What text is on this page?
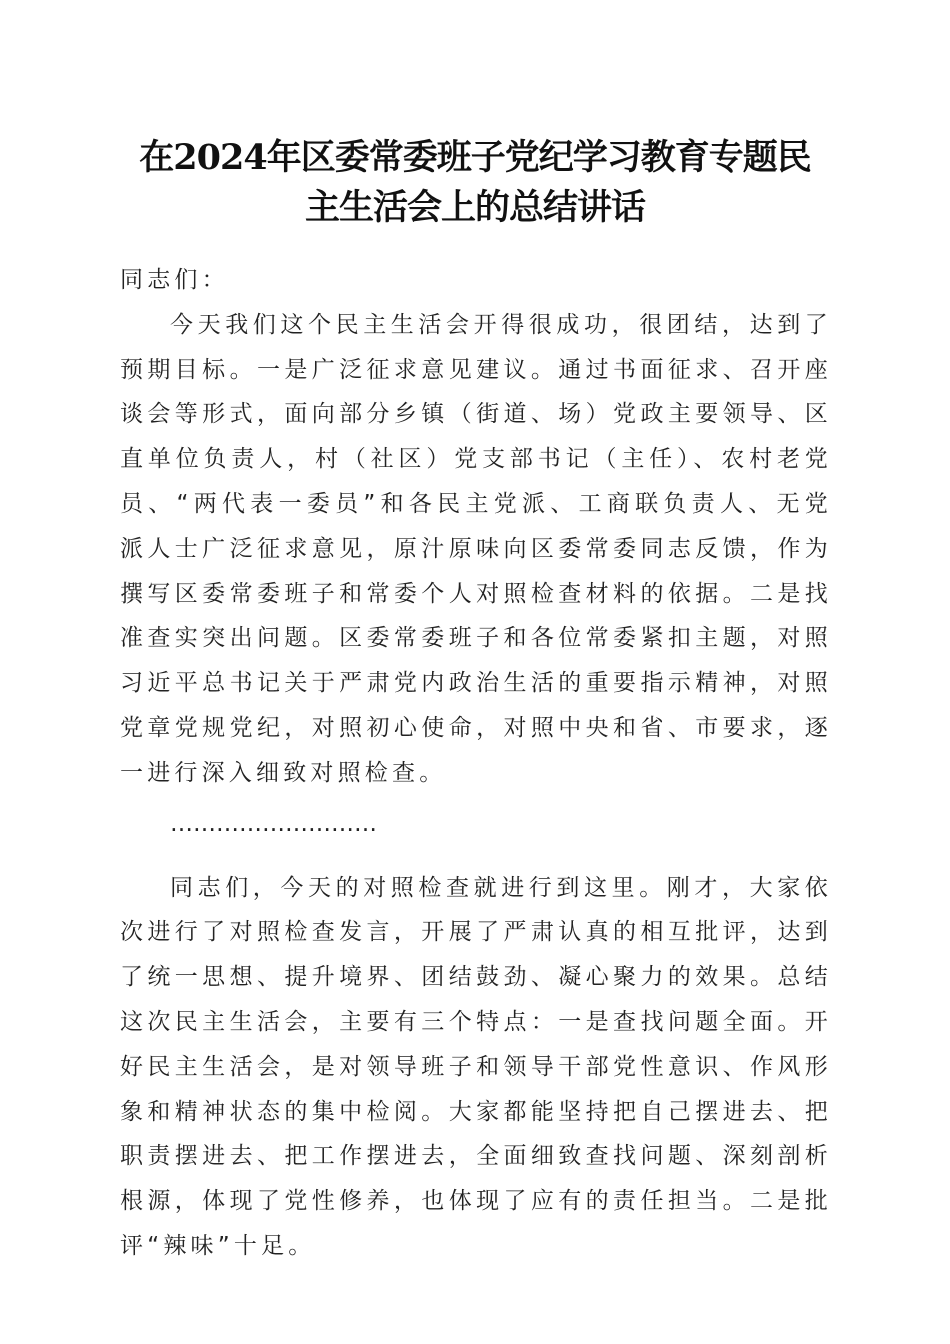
在2024年区委常委班子党纪学习教育专题民
主生活会上的总结讲话

同志们：

今天我们这个民主生活会开得很成功，很团结，达到了预期目标。一是广泛征求意见建议。通过书面征求、召开座谈会等形式，面向部分乡镇（街道、场）党政主要领导、区直单位负责人，村（社区）党支部书记（主任）、农村老党员、“两代表一委员”和各民主党派、工商联负责人、无党派人士广泛征求意见，原汁原味向区委常委同志反馈，作为撰写区委常委班子和常委个人对照检查材料的依据。二是找准查实突出问题。区委常委班子和各位常委紧扣主题，对照习近平总书记关于严肃党内政治生活的重要指示精神，对照党章党规党纪，对照初心使命，对照中央和省、市要求，逐一进行深入细致对照检查。

………………………

同志们，今天的对照检查就进行到这里。刚才，大家依次进行了对照检查发言，开展了严肃认真的相互批评，达到了统一思想、提升境界、团结鼓劲、凝心聚力的效果。总结这次民主生活会，主要有三个特点：一是查找问题全面。开好民主生活会，是对领导班子和领导干部党性意识、作风形象和精神状态的集中检阅。大家都能坚持把自己摆进去、把职责摆进去、把工作摆进去，全面细致查找问题、深刻剖析根源，体现了党性修养，也体现了应有的责任担当。二是批评“辣味”十足。
